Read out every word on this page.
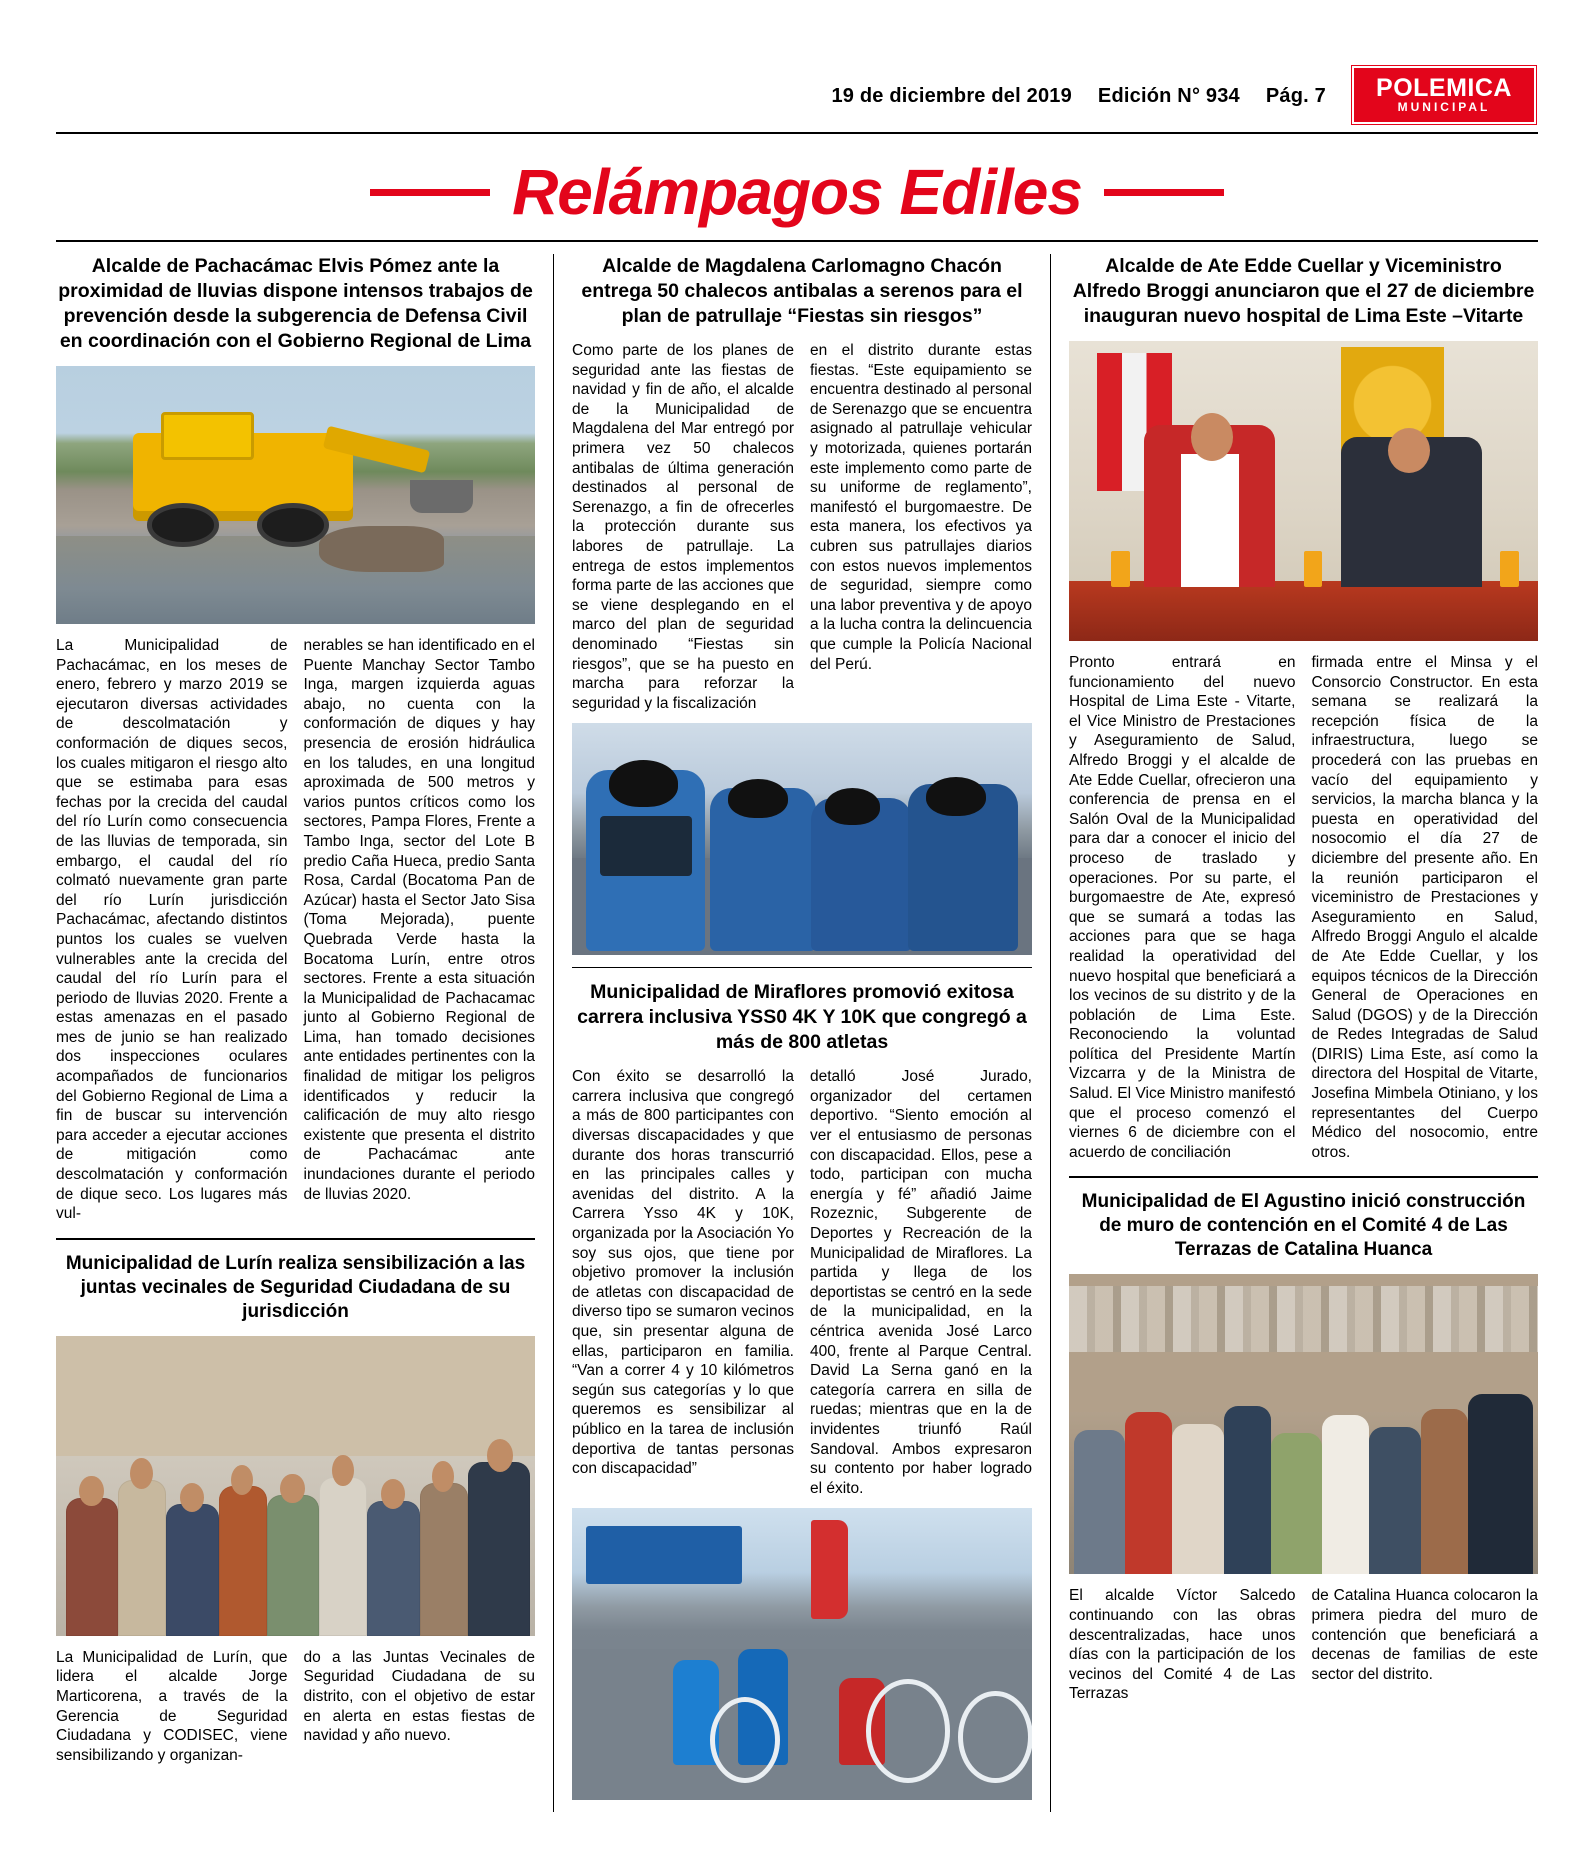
19 de diciembre del 2019 Edición N° 934 Pág. 7 POLEMICA
MUNICIPAL
Relámpagos Ediles
Alcalde de Pachacámac Elvis Pómez ante la proximidad de lluvias dispone intensos trabajos de prevención desde la subgerencia de Defensa Civil en coordinación con el Gobierno Regional de Lima

La Municipalidad de Pachacámac, en los meses de enero, febrero y marzo 2019 se ejecutaron diversas actividades de descolmatación y conformación de diques secos, los cuales mitigaron el riesgo alto que se estimaba para esas fechas por la crecida del caudal del río Lurín como consecuencia de las lluvias de temporada, sin embargo, el caudal del río colmató nuevamente gran parte del río Lurín jurisdicción Pachacámac, afectando distintos puntos los cuales se vuelven vulnerables ante la crecida del caudal del río Lurín para el periodo de lluvias 2020. Frente a estas amenazas en el pasado mes de junio se han realizado dos inspecciones oculares acompañados de funcionarios del Gobierno Regional de Lima a fin de buscar su intervención para acceder a ejecutar acciones de mitigación como descolmatación y conformación de dique seco. Los lugares más vul-

nerables se han identificado en el Puente Manchay Sector Tambo Inga, margen izquierda aguas abajo, no cuenta con la conformación de diques y hay presencia de erosión hidráulica en los taludes, en una longitud aproximada de 500 metros y varios puntos críticos como los sectores, Pampa Flores, Frente a Tambo Inga, sector del Lote B predio Caña Hueca, predio Santa Rosa, Cardal (Bocatoma Pan de Azúcar) hasta el Sector Jato Sisa (Toma Mejorada), puente Quebrada Verde hasta la Bocatoma Lurín, entre otros sectores. Frente a esta situación la Municipalidad de Pachacamac junto al Gobierno Regional de Lima, han tomado decisiones ante entidades pertinentes con la finalidad de mitigar los peligros identificados y reducir la calificación de muy alto riesgo existente que presenta el distrito de Pachacámac ante inundaciones durante el periodo de lluvias 2020.

Municipalidad de Lurín realiza sensibilización a las juntas vecinales de Seguridad Ciudadana de su jurisdicción

La Municipalidad de Lurín, que lidera el alcalde Jorge Marticorena, a través de la Gerencia de Seguridad Ciudadana y CODISEC, viene sensibilizando y organizan-

do a las Juntas Vecinales de Seguridad Ciudadana de su distrito, con el objetivo de estar en alerta en estas fiestas de navidad y año nuevo.

Alcalde de Magdalena Carlomagno Chacón entrega 50 chalecos antibalas a serenos para el plan de patrullaje “Fiestas sin riesgos”

Como parte de los planes de seguridad ante las fiestas de navidad y fin de año, el alcalde de la Municipalidad de Magdalena del Mar entregó por primera vez 50 chalecos antibalas de última generación destinados al personal de Serenazgo, a fin de ofrecerles la protección durante sus labores de patrullaje. La entrega de estos implementos forma parte de las acciones que se viene desplegando en el marco del plan de seguridad denominado “Fiestas sin riesgos”, que se ha puesto en marcha para reforzar la seguridad y la fiscalización

en el distrito durante estas fiestas. “Este equipamiento se encuentra destinado al personal de Serenazgo que se encuentra asignado al patrullaje vehicular y motorizada, quienes portarán este implemento como parte de su uniforme de reglamento”, manifestó el burgomaestre. De esta manera, los efectivos ya cubren sus patrullajes diarios con estos nuevos implementos de seguridad, siempre como una labor preventiva y de apoyo a la lucha contra la delincuencia que cumple la Policía Nacional del Perú.

Municipalidad de Miraflores promovió exitosa carrera inclusiva YSS0 4K Y 10K que congregó a más de 800 atletas

Con éxito se desarrolló la carrera inclusiva que congregó a más de 800 participantes con diversas discapacidades y que durante dos horas transcurrió en las principales calles y avenidas del distrito. A la Carrera Ysso 4K y 10K, organizada por la Asociación Yo soy sus ojos, que tiene por objetivo promover la inclusión de atletas con discapacidad de diverso tipo se sumaron vecinos que, sin presentar alguna de ellas, participaron en familia. “Van a correr 4 y 10 kilómetros según sus categorías y lo que queremos es sensibilizar al público en la tarea de inclusión deportiva de tantas personas con discapacidad”

detalló José Jurado, organizador del certamen deportivo. “Siento emoción al ver el entusiasmo de personas con discapacidad. Ellos, pese a todo, participan con mucha energía y fé” añadió Jaime Rozeznic, Subgerente de Deportes y Recreación de la Municipalidad de Miraflores. La partida y llega de los deportistas se centró en la sede de la municipalidad, en la céntrica avenida José Larco 400, frente al Parque Central. David La Serna ganó en la categoría carrera en silla de ruedas; mientras que en la de invidentes triunfó Raúl Sandoval. Ambos expresaron su contento por haber logrado el éxito.

Alcalde de Ate Edde Cuellar y Viceministro Alfredo Broggi anunciaron que el 27 de diciembre inauguran nuevo hospital de Lima Este –Vitarte

Pronto entrará en funcionamiento del nuevo Hospital de Lima Este - Vitarte, el Vice Ministro de Prestaciones y Aseguramiento de Salud, Alfredo Broggi y el alcalde de Ate Edde Cuellar, ofrecieron una conferencia de prensa en el Salón Oval de la Municipalidad para dar a conocer el inicio del proceso de traslado y operaciones. Por su parte, el burgomaestre de Ate, expresó que se sumará a todas las acciones para que se haga realidad la operatividad del nuevo hospital que beneficiará a los vecinos de su distrito y de la población de Lima Este. Reconociendo la voluntad política del Presidente Martín Vizcarra y de la Ministra de Salud. El Vice Ministro manifestó que el proceso comenzó el viernes 6 de diciembre con el acuerdo de conciliación

firmada entre el Minsa y el Consorcio Constructor. En esta semana se realizará la recepción física de la infraestructura, luego se procederá con las pruebas en vacío del equipamiento y servicios, la marcha blanca y la puesta en operatividad del nosocomio el día 27 de diciembre del presente año. En la reunión participaron el viceministro de Prestaciones y Aseguramiento en Salud, Alfredo Broggi Angulo el alcalde de Ate Edde Cuellar, y los equipos técnicos de la Dirección General de Operaciones en Salud (DGOS) y de la Dirección de Redes Integradas de Salud (DIRIS) Lima Este, así como la directora del Hospital de Vitarte, Josefina Mimbela Otiniano, y los representantes del Cuerpo Médico del nosocomio, entre otros.

Municipalidad de El Agustino inició construcción de muro de contención en el Comité 4 de Las Terrazas de Catalina Huanca

El alcalde Víctor Salcedo continuando con las obras descentralizadas, hace unos días con la participación de los vecinos del Comité 4 de Las Terrazas

de Catalina Huanca colocaron la primera piedra del muro de contención que beneficiará a decenas de familias de este sector del distrito.
